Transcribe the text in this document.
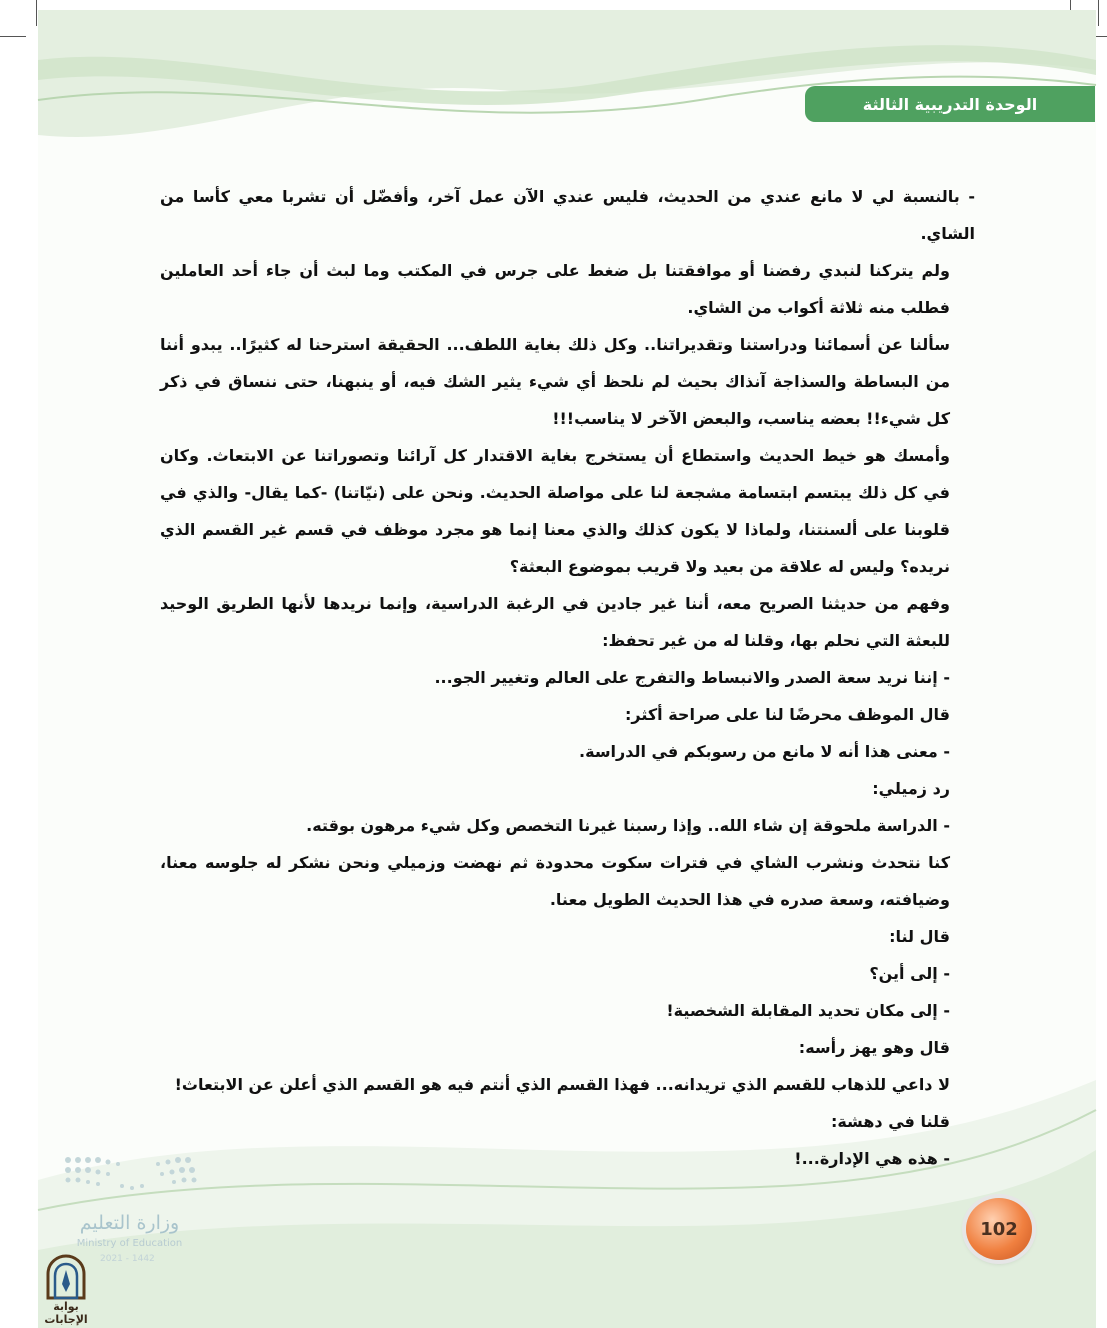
الوحدة التدريبية الثالثة

- بالنسبة لي لا مانع عندي من الحديث، فليس عندي الآن عمل آخر، وأفضّل أن تشربا معي كأسا من الشاي.

ولم يتركنا لنبدي رفضنا أو موافقتنا بل ضغط على جرس في المكتب وما لبث أن جاء أحد العاملين فطلب منه ثلاثة أكواب من الشاي.

سألنا عن أسمائنا ودراستنا وتقديراتنا.. وكل ذلك بغاية اللطف... الحقيقة استرحنا له كثيرًا.. يبدو أننا من البساطة والسذاجة آنذاك بحيث لم نلحظ أي شيء يثير الشك فيه، أو ينبهنا، حتى ننساق في ذكر كل شيء!! بعضه يناسب، والبعض الآخر لا يناسب!!!

وأمسك هو خيط الحديث واستطاع أن يستخرج بغاية الاقتدار كل آرائنا وتصوراتنا عن الابتعاث. وكان في كل ذلك يبتسم ابتسامة مشجعة لنا على مواصلة الحديث. ونحن على (نيّاتنا) -كما يقال- والذي في قلوبنا على ألسنتنا، ولماذا لا يكون كذلك والذي معنا إنما هو مجرد موظف في قسم غير القسم الذي نريده؟ وليس له علاقة من بعيد ولا قريب بموضوع البعثة؟

وفهم من حديثنا الصريح معه، أننا غير جادين في الرغبة الدراسية، وإنما نريدها لأنها الطريق الوحيد للبعثة التي نحلم بها، وقلنا له من غير تحفظ:

- إننا نريد سعة الصدر والانبساط والتفرج على العالم وتغيير الجو...

قال الموظف محرضًا لنا على صراحة أكثر:

- معنى هذا أنه لا مانع من رسوبكم في الدراسة.

رد زميلي:

- الدراسة ملحوقة إن شاء الله.. وإذا رسبنا غيرنا التخصص وكل شيء مرهون بوقته.

كنا نتحدث ونشرب الشاي في فترات سكوت محدودة ثم نهضت وزميلي ونحن نشكر له جلوسه معنا، وضيافته، وسعة صدره في هذا الحديث الطويل معنا.

قال لنا:

- إلى أين؟

- إلى مكان تحديد المقابلة الشخصية!

قال وهو يهز رأسه:

لا داعي للذهاب للقسم الذي تريدانه... فهذا القسم الذي أنتم فيه هو القسم الذي أعلن عن الابتعاث!

قلنا في دهشة:

- هذه هي الإدارة...!

وزارة التعليم
Ministry of Education
2021 - 1442
102
بوابة الإجابات
